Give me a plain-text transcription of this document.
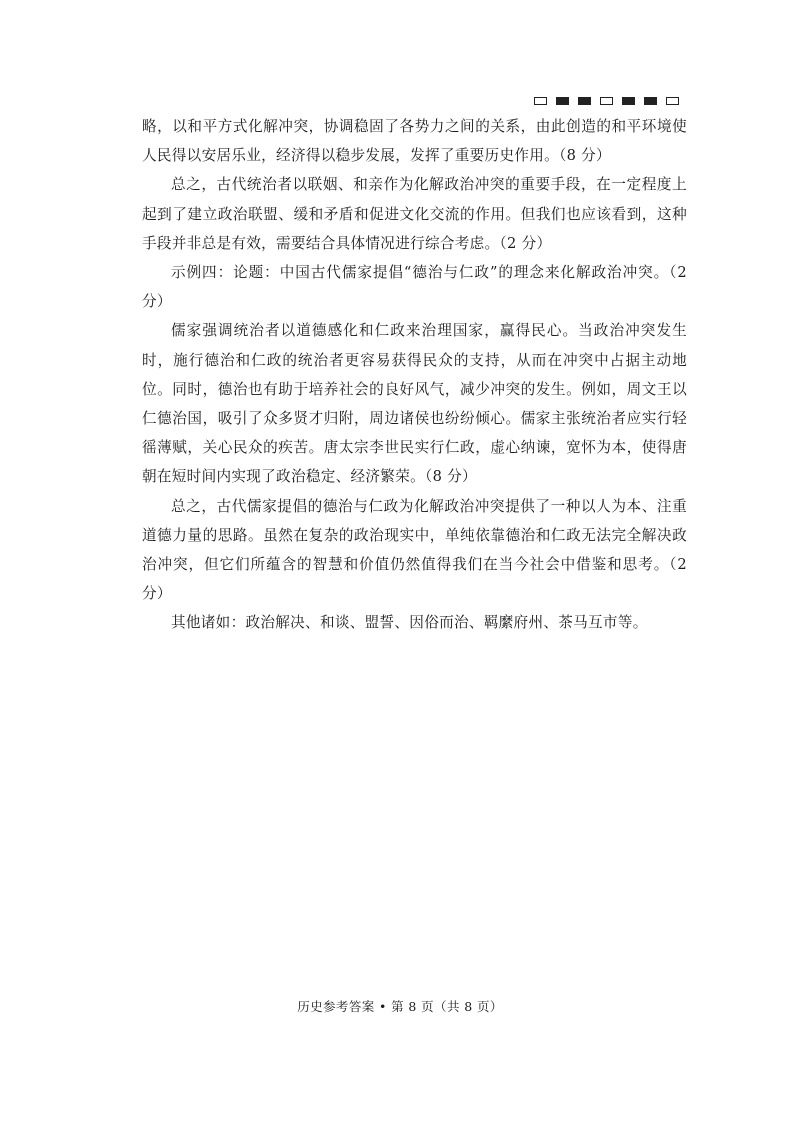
略，以和平方式化解冲突，协调稳固了各势力之间的关系，由此创造的和平环境使人民得以安居乐业，经济得以稳步发展，发挥了重要历史作用。（8 分）

总之，古代统治者以联姻、和亲作为化解政治冲突的重要手段，在一定程度上起到了建立政治联盟、缓和矛盾和促进文化交流的作用。但我们也应该看到，这种手段并非总是有效，需要结合具体情况进行综合考虑。（2 分）

示例四：论题：中国古代儒家提倡“德治与仁政”的理念来化解政治冲突。（2 分）

儒家强调统治者以道德感化和仁政来治理国家，赢得民心。当政治冲突发生时，施行德治和仁政的统治者更容易获得民众的支持，从而在冲突中占据主动地位。同时，德治也有助于培养社会的良好风气，减少冲突的发生。例如，周文王以仁德治国，吸引了众多贤才归附，周边诸侯也纷纷倾心。儒家主张统治者应实行轻徭薄赋，关心民众的疾苦。唐太宗李世民实行仁政，虚心纳谏，宽怀为本，使得唐朝在短时间内实现了政治稳定、经济繁荣。（8 分）

总之，古代儒家提倡的德治与仁政为化解政治冲突提供了一种以人为本、注重道德力量的思路。虽然在复杂的政治现实中，单纯依靠德治和仁政无法完全解决政治冲突，但它们所蕴含的智慧和价值仍然值得我们在当今社会中借鉴和思考。（2 分）

其他诸如：政治解决、和谈、盟誓、因俗而治、羁縻府州、茶马互市等。

历史参考答案 • 第 8 页（共 8 页）
